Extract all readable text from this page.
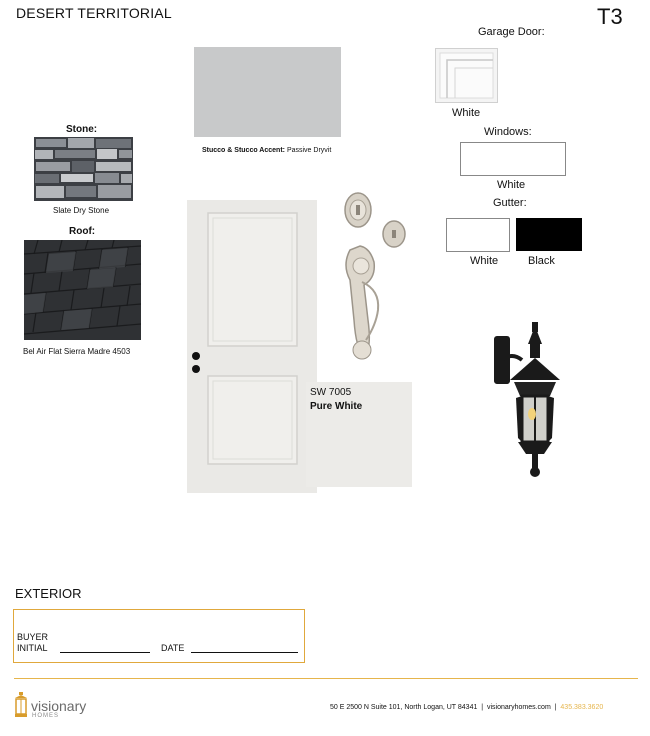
DESERT TERRITORIAL	T3
Stucco & Stucco Accent: Passive Dryvit
Stone:
Slate Dry Stone
Roof:
Bel Air Flat Sierra Madre 4503
Garage Door:
White
Windows:
White
Gutter:
White	Black
SW 7005
Pure White
EXTERIOR
BUYER
INITIAL	DATE
visionary
HOMES
50 E 2500 N Suite 101, North Logan, UT 84341 | visionaryhomes.com | 435.383.3620
